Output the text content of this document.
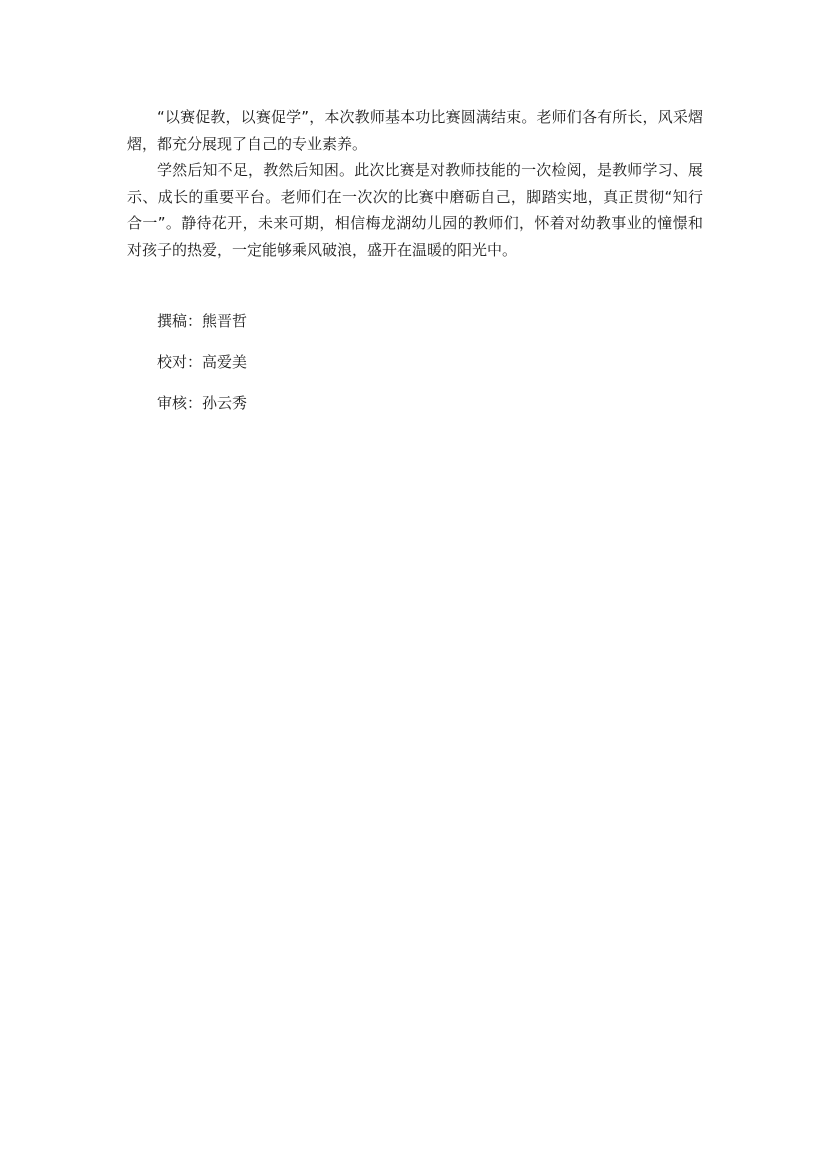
“以赛促教，以赛促学”，本次教师基本功比赛圆满结束。老师们各有所长，风采熠熠，都充分展现了自己的专业素养。

学然后知不足，教然后知困。此次比赛是对教师技能的一次检阅，是教师学习、展示、成长的重要平台。老师们在一次次的比赛中磨砺自己，脚踏实地，真正贯彻“知行合一”。静待花开，未来可期，相信梅龙湖幼儿园的教师们，怀着对幼教事业的憧憬和对孩子的热爱，一定能够乘风破浪，盛开在温暖的阳光中。

撰稿：熊晋哲
校对：高爱美
审核：孙云秀
